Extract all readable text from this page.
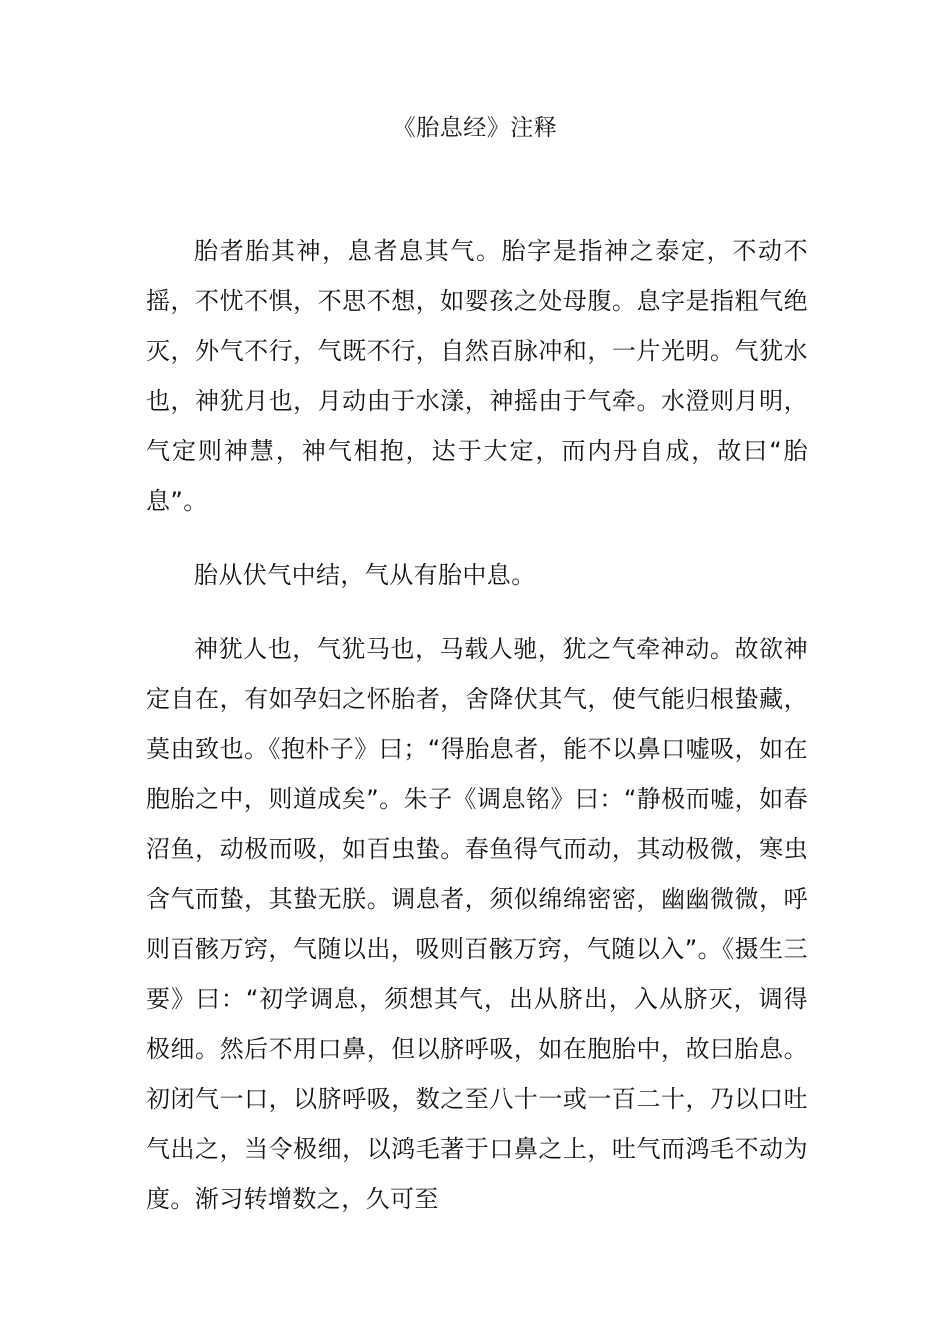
《胎息经》注释

胎者胎其神，息者息其气。胎字是指神之泰定，不动不摇，不忧不惧，不思不想，如婴孩之处母腹。息字是指粗气绝灭，外气不行，气既不行，自然百脉冲和，一片光明。气犹水也，神犹月也，月动由于水漾，神摇由于气牵。水澄则月明，气定则神慧，神气相抱，达于大定，而内丹自成，故曰“胎息”。

胎从伏气中结，气从有胎中息。

神犹人也，气犹马也，马载人驰，犹之气牵神动。故欲神定自在，有如孕妇之怀胎者，舍降伏其气，使气能归根蛰藏，莫由致也。《抱朴子》曰；“得胎息者，能不以鼻口嘘吸，如在胞胎之中，则道成矣”。朱子《调息铭》曰：“静极而嘘，如春沼鱼，动极而吸，如百虫蛰。春鱼得气而动，其动极微，寒虫含气而蛰，其蛰无朕。调息者，须似绵绵密密，幽幽微微，呼则百骸万窍，气随以出，吸则百骸万窍，气随以入”。《摄生三要》曰：“初学调息，须想其气，出从脐出，入从脐灭，调得极细。然后不用口鼻，但以脐呼吸，如在胞胎中，故曰胎息。初闭气一口，以脐呼吸，数之至八十一或一百二十，乃以口吐气出之，当令极细，以鸿毛著于口鼻之上，吐气而鸿毛不动为度。渐习转增数之，久可至
